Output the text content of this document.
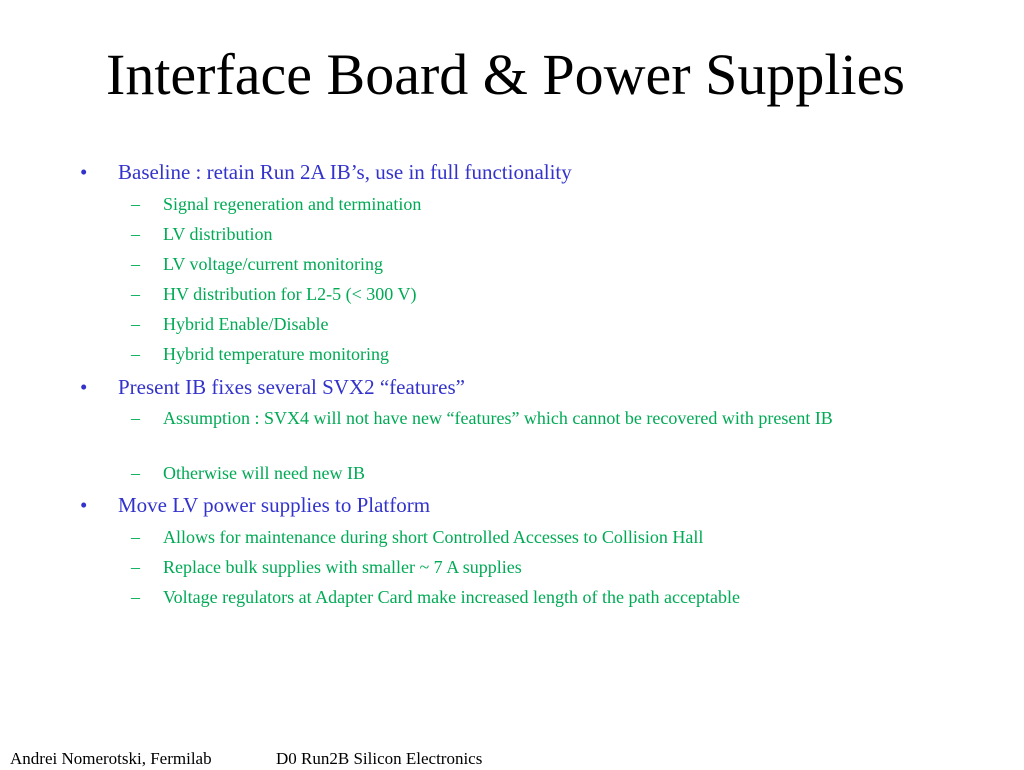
Interface Board & Power Supplies
• Baseline : retain Run 2A IB’s, use in full functionality
– Signal regeneration and termination
– LV distribution
– LV voltage/current monitoring
– HV distribution for L2-5 (< 300 V)
– Hybrid Enable/Disable
– Hybrid temperature monitoring
• Present IB fixes several SVX2 “features”
– Assumption : SVX4 will not have new “features” which cannot be recovered with present IB
– Otherwise will need new IB
• Move LV power supplies to Platform
– Allows for maintenance during short Controlled Accesses to Collision Hall
– Replace bulk supplies with smaller ~ 7 A supplies
– Voltage regulators at Adapter Card make increased length of the path acceptable
Andrei Nomerotski, Fermilab	D0 Run2B Silicon Electronics
